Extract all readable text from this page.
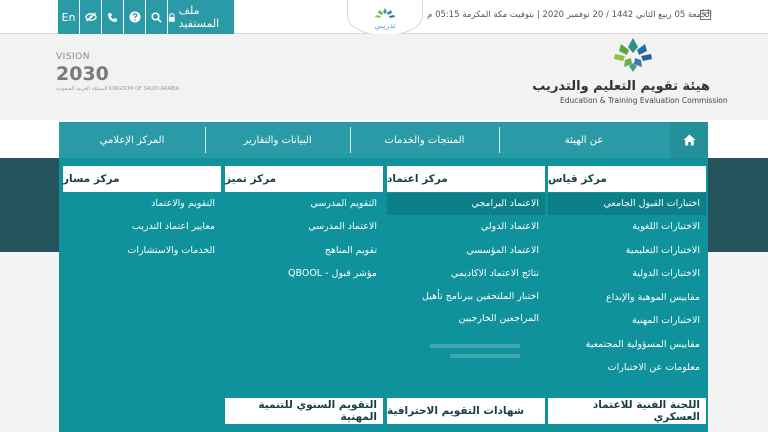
En	ملف المستفيد	تدريبي
الجمعة 05 ربيع الثاني 1442 / 20 نوفمبر 2020 | بتوقيت مكة المكرمة 05:15 م
هيئة تقويم التعليم والتدريب
Education & Training Evaluation Commission
VISION
2030
المملكة العربية السعودية KINGDOM OF SAUDI ARABIA
عن الهيئة
المنتجات والخدمات
البيانات والتقارير
المركز الإعلامي
مركز قياس
اختبارات القبول الجامعي
الاختبارات اللغوية
الاختبارات التعليمية
الاختبارات الدولية
مقاييس الموهبة والإبداع
الاختبارات المهنية
مقاييس المسؤولية المجتمعية
معلومات عن الاختبارات
مركز اعتماد
الاعتماد البرامجي
الاعتماد الدولي
الاعتماد المؤسسي
نتائج الاعتماد الاكاديمي
اختبار الملتحقين ببرنامج تأهيل المراجعين الخارجيين
مركز تميز
التقويم المدرسي
الاعتماد المدرسي
تقويم المناهج
مؤشر قبول - QBOOL
مركز مسار
التقويم والاعتماد
معايير اعتماد التدريب
الخدمات والاستشارات
اللجنة الفنية للاعتماد العسكري
شهادات التقويم الاحترافية
التقويم السنوي للتنمية المهنية
